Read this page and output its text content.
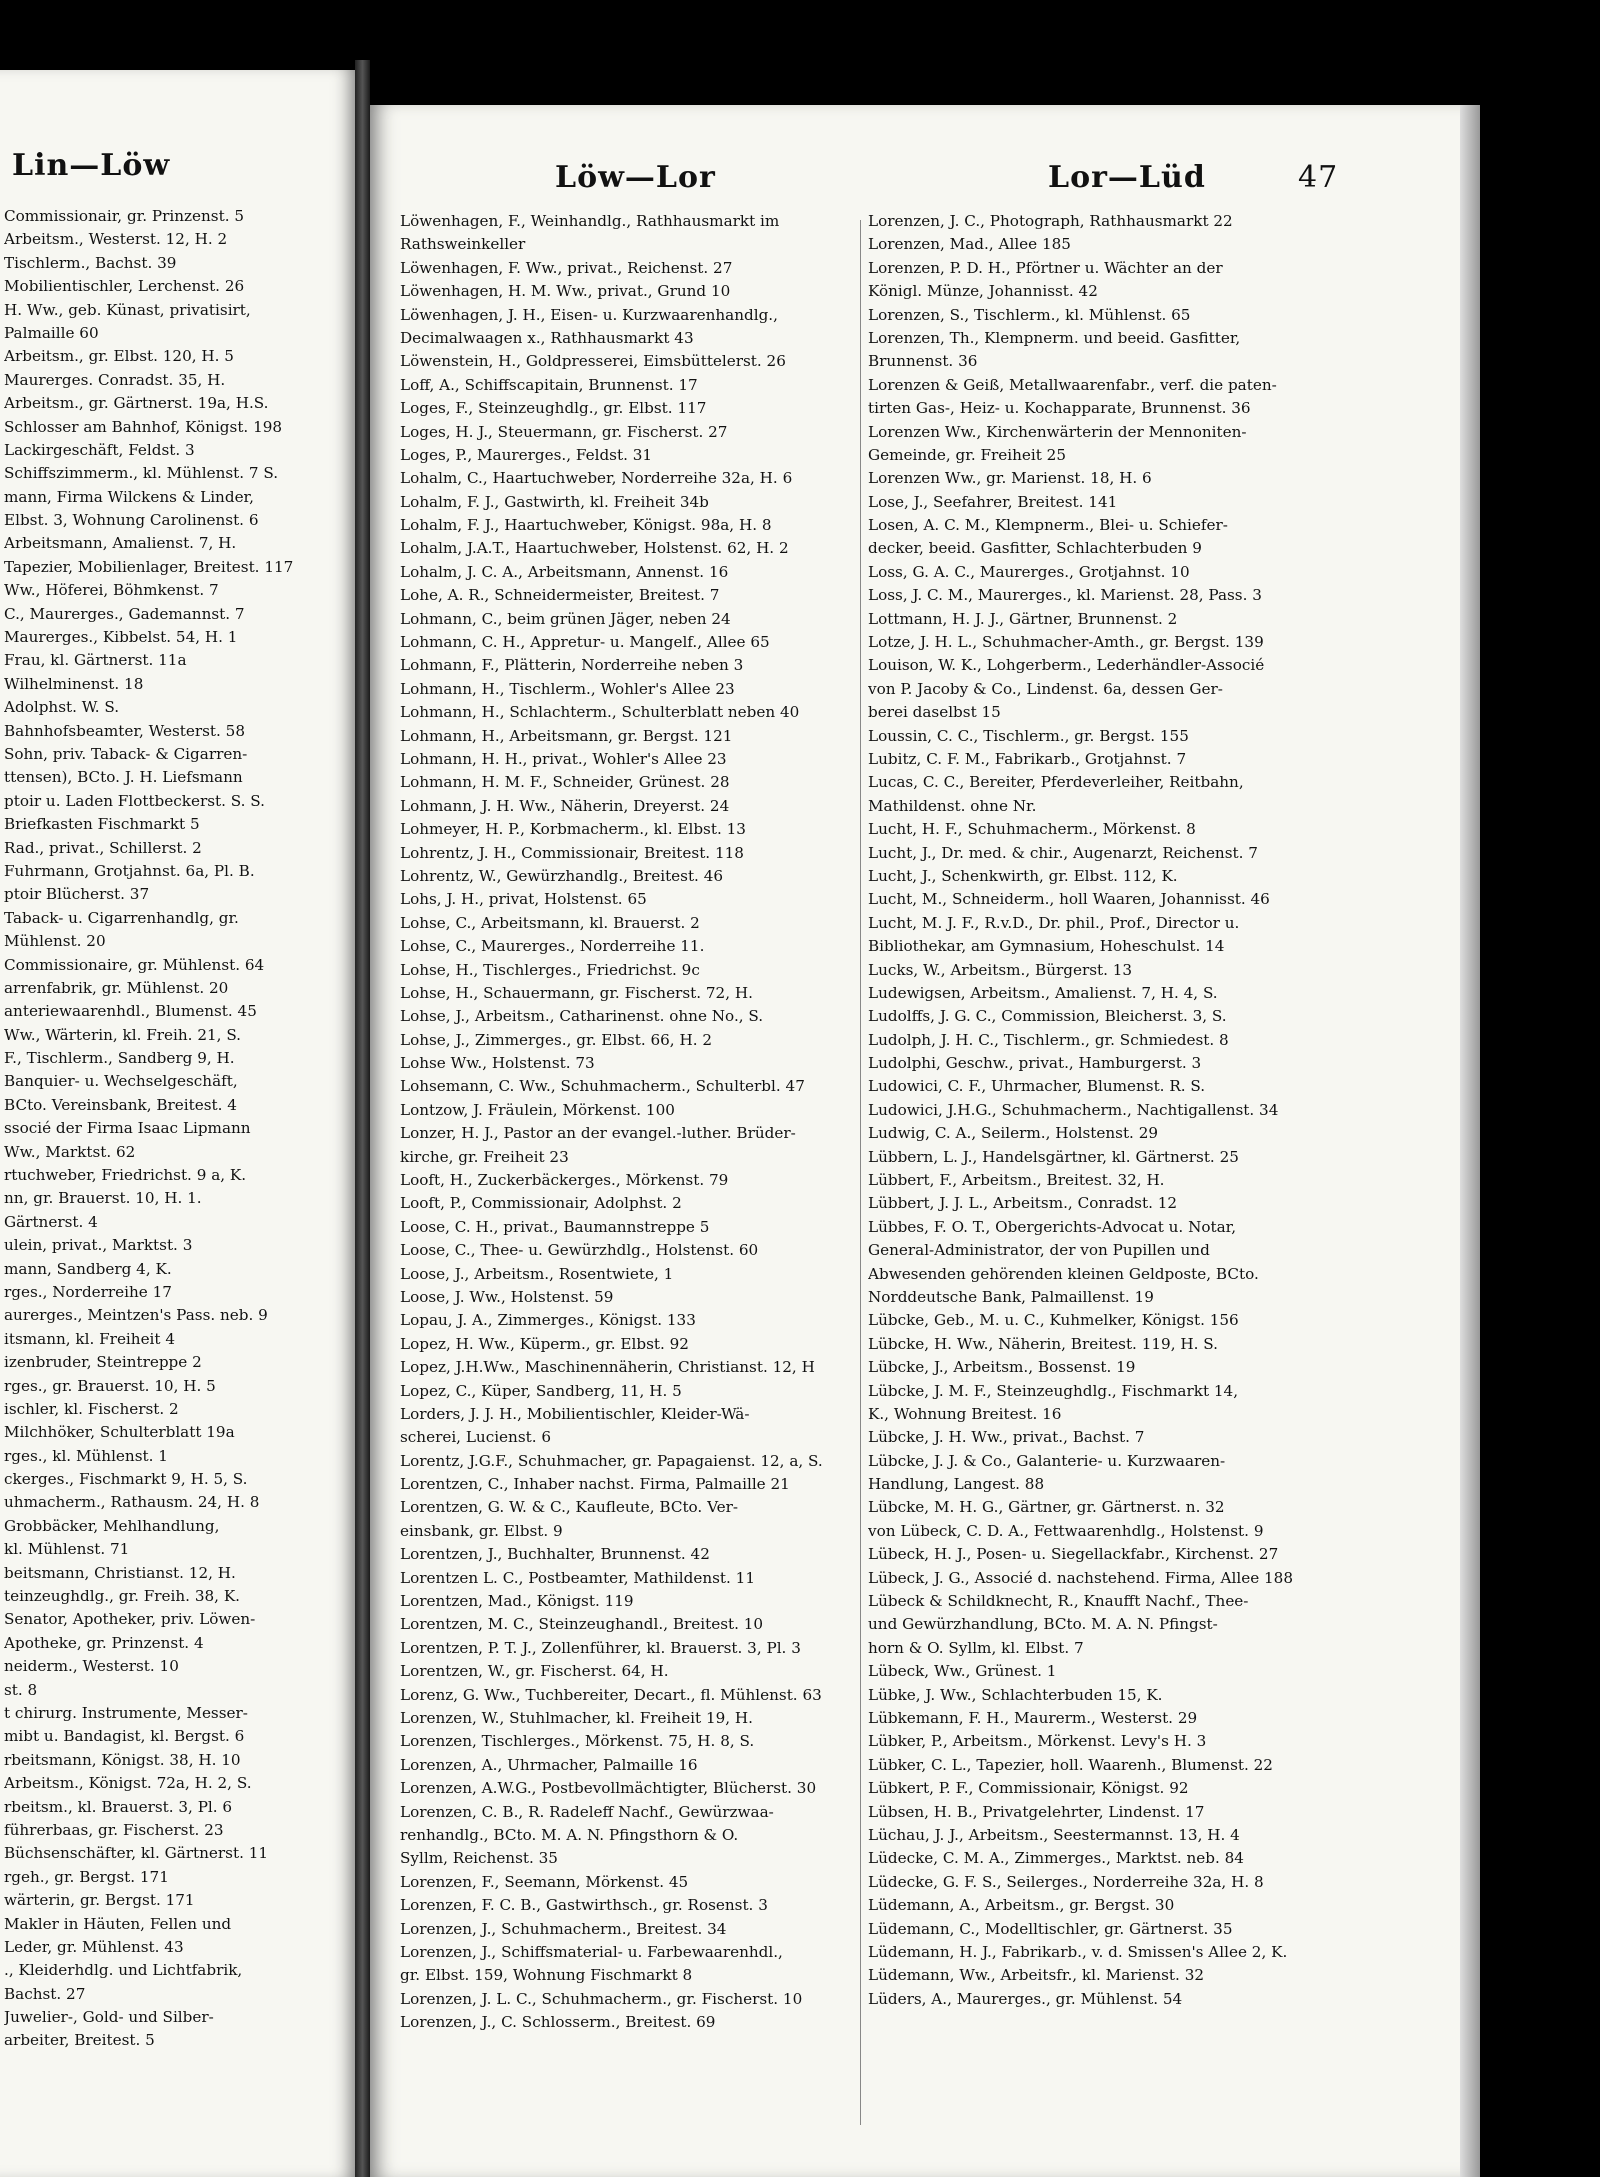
Lin—Löw
Commissionair, gr. Prinzenst. 5
Arbeitsm., Westerst. 12, H. 2
Tischlerm., Bachst. 39
Mobilientischler, Lerchenst. 26
H. Ww., geb. Künast, privatisirt,
Palmaille 60
Arbeitsm., gr. Elbst. 120, H. 5
Maurerges. Conradst. 35, H.
Arbeitsm., gr. Gärtnerst. 19a, H.S.
Schlosser am Bahnhof, Königst. 198
Lackirgeschäft, Feldst. 3
Schiffszimmerm., kl. Mühlenst. 7 S.
mann, Firma Wilckens & Linder,
Elbst. 3, Wohnung Carolinenst. 6
Arbeitsmann, Amalienst. 7, H.
Tapezier, Mobilienlager, Breitest. 117
Ww., Höferei, Böhmkenst. 7
C., Maurerges., Gademannst. 7
Maurerges., Kibbelst. 54, H. 1
Frau, kl. Gärtnerst. 11a
Wilhelminenst. 18
Adolphst. W. S.
Bahnhofsbeamter, Westerst. 58
Sohn, priv. Taback- & Cigarren-
ttensen), BCto. J. H. Liefsmann
ptoir u. Laden Flottbeckerst. S. S.
Briefkasten Fischmarkt 5
Rad., privat., Schillerst. 2
Fuhrmann, Grotjahnst. 6a, Pl. B.
ptoir Blücherst. 37
Taback- u. Cigarrenhandlg, gr.
Mühlenst. 20
Commissionaire, gr. Mühlenst. 64
arrenfabrik, gr. Mühlenst. 20
anteriewaarenhdl., Blumenst. 45
Ww., Wärterin, kl. Freih. 21, S.
F., Tischlerm., Sandberg 9, H.
Banquier- u. Wechselgeschäft,
BCto. Vereinsbank, Breitest. 4
ssocié der Firma Isaac Lipmann
Ww., Marktst. 62
rtuchweber, Friedrichst. 9 a, K.
nn, gr. Brauerst. 10, H. 1.
Gärtnerst. 4
ulein, privat., Marktst. 3
mann, Sandberg 4, K.
rges., Norderreihe 17
aurerges., Meintzen's Pass. neb. 9
itsmann, kl. Freiheit 4
izenbruder, Steintreppe 2
rges., gr. Brauerst. 10, H. 5
ischler, kl. Fischerst. 2
Milchhöker, Schulterblatt 19a
rges., kl. Mühlenst. 1
ckerges., Fischmarkt 9, H. 5, S.
uhmacherm., Rathausm. 24, H. 8
Grobbäcker, Mehlhandlung,
kl. Mühlenst. 71
beitsmann, Christianst. 12, H.
teinzeughdlg., gr. Freih. 38, K.
Senator, Apotheker, priv. Löwen-
Apotheke, gr. Prinzenst. 4
neiderm., Westerst. 10
st. 8
t chirurg. Instrumente, Messer-
mibt u. Bandagist, kl. Bergst. 6
rbeitsmann, Königst. 38, H. 10
Arbeitsm., Königst. 72a, H. 2, S.
rbeitsm., kl. Brauerst. 3, Pl. 6
führerbaas, gr. Fischerst. 23
Büchsenschäfter, kl. Gärtnerst. 11
rgeh., gr. Bergst. 171
wärterin, gr. Bergst. 171
Makler in Häuten, Fellen und
Leder, gr. Mühlenst. 43
., Kleiderhdlg. und Lichtfabrik,
Bachst. 27
Juwelier-, Gold- und Silber-
arbeiter, Breitest. 5
Löw—Lor	Lor—Lüd	47
Löwenhagen, F., Weinhandlg., Rathhausmarkt im
Rathsweinkeller
Löwenhagen, F. Ww., privat., Reichenst. 27
Löwenhagen, H. M. Ww., privat., Grund 10
Löwenhagen, J. H., Eisen- u. Kurzwaarenhandlg.,
Decimalwaagen x., Rathhausmarkt 43
Löwenstein, H., Goldpresserei, Eimsbüttelerst. 26
Loff, A., Schiffscapitain, Brunnenst. 17
Loges, F., Steinzeughdlg., gr. Elbst. 117
Loges, H. J., Steuermann, gr. Fischerst. 27
Loges, P., Maurerges., Feldst. 31
Lohalm, C., Haartuchweber, Norderreihe 32a, H. 6
Lohalm, F. J., Gastwirth, kl. Freiheit 34b
Lohalm, F. J., Haartuchweber, Königst. 98a, H. 8
Lohalm, J.A.T., Haartuchweber, Holstenst. 62, H. 2
Lohalm, J. C. A., Arbeitsmann, Annenst. 16
Lohe, A. R., Schneidermeister, Breitest. 7
Lohmann, C., beim grünen Jäger, neben 24
Lohmann, C. H., Appretur- u. Mangelf., Allee 65
Lohmann, F., Plätterin, Norderreihe neben 3
Lohmann, H., Tischlerm., Wohler's Allee 23
Lohmann, H., Schlachterm., Schulterblatt neben 40
Lohmann, H., Arbeitsmann, gr. Bergst. 121
Lohmann, H. H., privat., Wohler's Allee 23
Lohmann, H. M. F., Schneider, Grünest. 28
Lohmann, J. H. Ww., Näherin, Dreyerst. 24
Lohmeyer, H. P., Korbmacherm., kl. Elbst. 13
Lohrentz, J. H., Commissionair, Breitest. 118
Lohrentz, W., Gewürzhandlg., Breitest. 46
Lohs, J. H., privat, Holstenst. 65
Lohse, C., Arbeitsmann, kl. Brauerst. 2
Lohse, C., Maurerges., Norderreihe 11.
Lohse, H., Tischlerges., Friedrichst. 9c
Lohse, H., Schauermann, gr. Fischerst. 72, H.
Lohse, J., Arbeitsm., Catharinenst. ohne No., S.
Lohse, J., Zimmerges., gr. Elbst. 66, H. 2
Lohse Ww., Holstenst. 73
Lohsemann, C. Ww., Schuhmacherm., Schulterbl. 47
Lontzow, J. Fräulein, Mörkenst. 100
Lonzer, H. J., Pastor an der evangel.-luther. Brüder-
kirche, gr. Freiheit 23
Looft, H., Zuckerbäckerges., Mörkenst. 79
Looft, P., Commissionair, Adolphst. 2
Loose, C. H., privat., Baumannstreppe 5
Loose, C., Thee- u. Gewürzhdlg., Holstenst. 60
Loose, J., Arbeitsm., Rosentwiete, 1
Loose, J. Ww., Holstenst. 59
Lopau, J. A., Zimmerges., Königst. 133
Lopez, H. Ww., Küperm., gr. Elbst. 92
Lopez, J.H.Ww., Maschinennäherin, Christianst. 12, H
Lopez, C., Küper, Sandberg, 11, H. 5
Lorders, J. J. H., Mobilientischler, Kleider-Wä-
scherei, Lucienst. 6
Lorentz, J.G.F., Schuhmacher, gr. Papagaienst. 12, a, S.
Lorentzen, C., Inhaber nachst. Firma, Palmaille 21
Lorentzen, G. W. & C., Kaufleute, BCto. Ver-
einsbank, gr. Elbst. 9
Lorentzen, J., Buchhalter, Brunnenst. 42
Lorentzen L. C., Postbeamter, Mathildenst. 11
Lorentzen, Mad., Königst. 119
Lorentzen, M. C., Steinzeughandl., Breitest. 10
Lorentzen, P. T. J., Zollenführer, kl. Brauerst. 3, Pl. 3
Lorentzen, W., gr. Fischerst. 64, H.
Lorenz, G. Ww., Tuchbereiter, Decart., fl. Mühlenst. 63
Lorenzen, W., Stuhlmacher, kl. Freiheit 19, H.
Lorenzen, Tischlerges., Mörkenst. 75, H. 8, S.
Lorenzen, A., Uhrmacher, Palmaille 16
Lorenzen, A.W.G., Postbevollmächtigter, Blücherst. 30
Lorenzen, C. B., R. Radeleff Nachf., Gewürzwaa-
renhandlg., BCto. M. A. N. Pfingsthorn & O.
Syllm, Reichenst. 35
Lorenzen, F., Seemann, Mörkenst. 45
Lorenzen, F. C. B., Gastwirthsch., gr. Rosenst. 3
Lorenzen, J., Schuhmacherm., Breitest. 34
Lorenzen, J., Schiffsmaterial- u. Farbewaarenhdl.,
gr. Elbst. 159, Wohnung Fischmarkt 8
Lorenzen, J. L. C., Schuhmacherm., gr. Fischerst. 10
Lorenzen, J., C. Schlosserm., Breitest. 69
Lorenzen, J. C., Photograph, Rathhausmarkt 22
Lorenzen, Mad., Allee 185
Lorenzen, P. D. H., Pförtner u. Wächter an der
Königl. Münze, Johannisst. 42
Lorenzen, S., Tischlerm., kl. Mühlenst. 65
Lorenzen, Th., Klempnerm. und beeid. Gasfitter,
Brunnenst. 36
Lorenzen & Geiß, Metallwaarenfabr., verf. die paten-
tirten Gas-, Heiz- u. Kochapparate, Brunnenst. 36
Lorenzen Ww., Kirchenwärterin der Mennoniten-
Gemeinde, gr. Freiheit 25
Lorenzen Ww., gr. Marienst. 18, H. 6
Lose, J., Seefahrer, Breitest. 141
Losen, A. C. M., Klempnerm., Blei- u. Schiefer-
decker, beeid. Gasfitter, Schlachterbuden 9
Loss, G. A. C., Maurerges., Grotjahnst. 10
Loss, J. C. M., Maurerges., kl. Marienst. 28, Pass. 3
Lottmann, H. J. J., Gärtner, Brunnenst. 2
Lotze, J. H. L., Schuhmacher-Amth., gr. Bergst. 139
Louison, W. K., Lohgerberm., Lederhändler-Associé
von P. Jacoby & Co., Lindenst. 6a, dessen Ger-
berei daselbst 15
Loussin, C. C., Tischlerm., gr. Bergst. 155
Lubitz, C. F. M., Fabrikarb., Grotjahnst. 7
Lucas, C. C., Bereiter, Pferdeverleiher, Reitbahn,
Mathildenst. ohne Nr.
Lucht, H. F., Schuhmacherm., Mörkenst. 8
Lucht, J., Dr. med. & chir., Augenarzt, Reichenst. 7
Lucht, J., Schenkwirth, gr. Elbst. 112, K.
Lucht, M., Schneiderm., holl Waaren, Johannisst. 46
Lucht, M. J. F., R.v.D., Dr. phil., Prof., Director u.
Bibliothekar, am Gymnasium, Hoheschulst. 14
Lucks, W., Arbeitsm., Bürgerst. 13
Ludewigsen, Arbeitsm., Amalienst. 7, H. 4, S.
Ludolffs, J. G. C., Commission, Bleicherst. 3, S.
Ludolph, J. H. C., Tischlerm., gr. Schmiedest. 8
Ludolphi, Geschw., privat., Hamburgerst. 3
Ludowici, C. F., Uhrmacher, Blumenst. R. S.
Ludowici, J.H.G., Schuhmacherm., Nachtigallenst. 34
Ludwig, C. A., Seilerm., Holstenst. 29
Lübbern, L. J., Handelsgärtner, kl. Gärtnerst. 25
Lübbert, F., Arbeitsm., Breitest. 32, H.
Lübbert, J. J. L., Arbeitsm., Conradst. 12
Lübbes, F. O. T., Obergerichts-Advocat u. Notar,
General-Administrator, der von Pupillen und
Abwesenden gehörenden kleinen Geldposte, BCto.
Norddeutsche Bank, Palmaillenst. 19
Lübcke, Geb., M. u. C., Kuhmelker, Königst. 156
Lübcke, H. Ww., Näherin, Breitest. 119, H. S.
Lübcke, J., Arbeitsm., Bossenst. 19
Lübcke, J. M. F., Steinzeughdlg., Fischmarkt 14,
K., Wohnung Breitest. 16
Lübcke, J. H. Ww., privat., Bachst. 7
Lübcke, J. J. & Co., Galanterie- u. Kurzwaaren-
Handlung, Langest. 88
Lübcke, M. H. G., Gärtner, gr. Gärtnerst. n. 32
von Lübeck, C. D. A., Fettwaarenhdlg., Holstenst. 9
Lübeck, H. J., Posen- u. Siegellackfabr., Kirchenst. 27
Lübeck, J. G., Associé d. nachstehend. Firma, Allee 188
Lübeck & Schildknecht, R., Knaufft Nachf., Thee-
und Gewürzhandlung, BCto. M. A. N. Pfingst-
horn & O. Syllm, kl. Elbst. 7
Lübeck, Ww., Grünest. 1
Lübke, J. Ww., Schlachterbuden 15, K.
Lübkemann, F. H., Maurerm., Westerst. 29
Lübker, P., Arbeitsm., Mörkenst. Levy's H. 3
Lübker, C. L., Tapezier, holl. Waarenh., Blumenst. 22
Lübkert, P. F., Commissionair, Königst. 92
Lübsen, H. B., Privatgelehrter, Lindenst. 17
Lüchau, J. J., Arbeitsm., Seestermannst. 13, H. 4
Lüdecke, C. M. A., Zimmerges., Marktst. neb. 84
Lüdecke, G. F. S., Seilerges., Norderreihe 32a, H. 8
Lüdemann, A., Arbeitsm., gr. Bergst. 30
Lüdemann, C., Modelltischler, gr. Gärtnerst. 35
Lüdemann, H. J., Fabrikarb., v. d. Smissen's Allee 2, K.
Lüdemann, Ww., Arbeitsfr., kl. Marienst. 32
Lüders, A., Maurerges., gr. Mühlenst. 54
